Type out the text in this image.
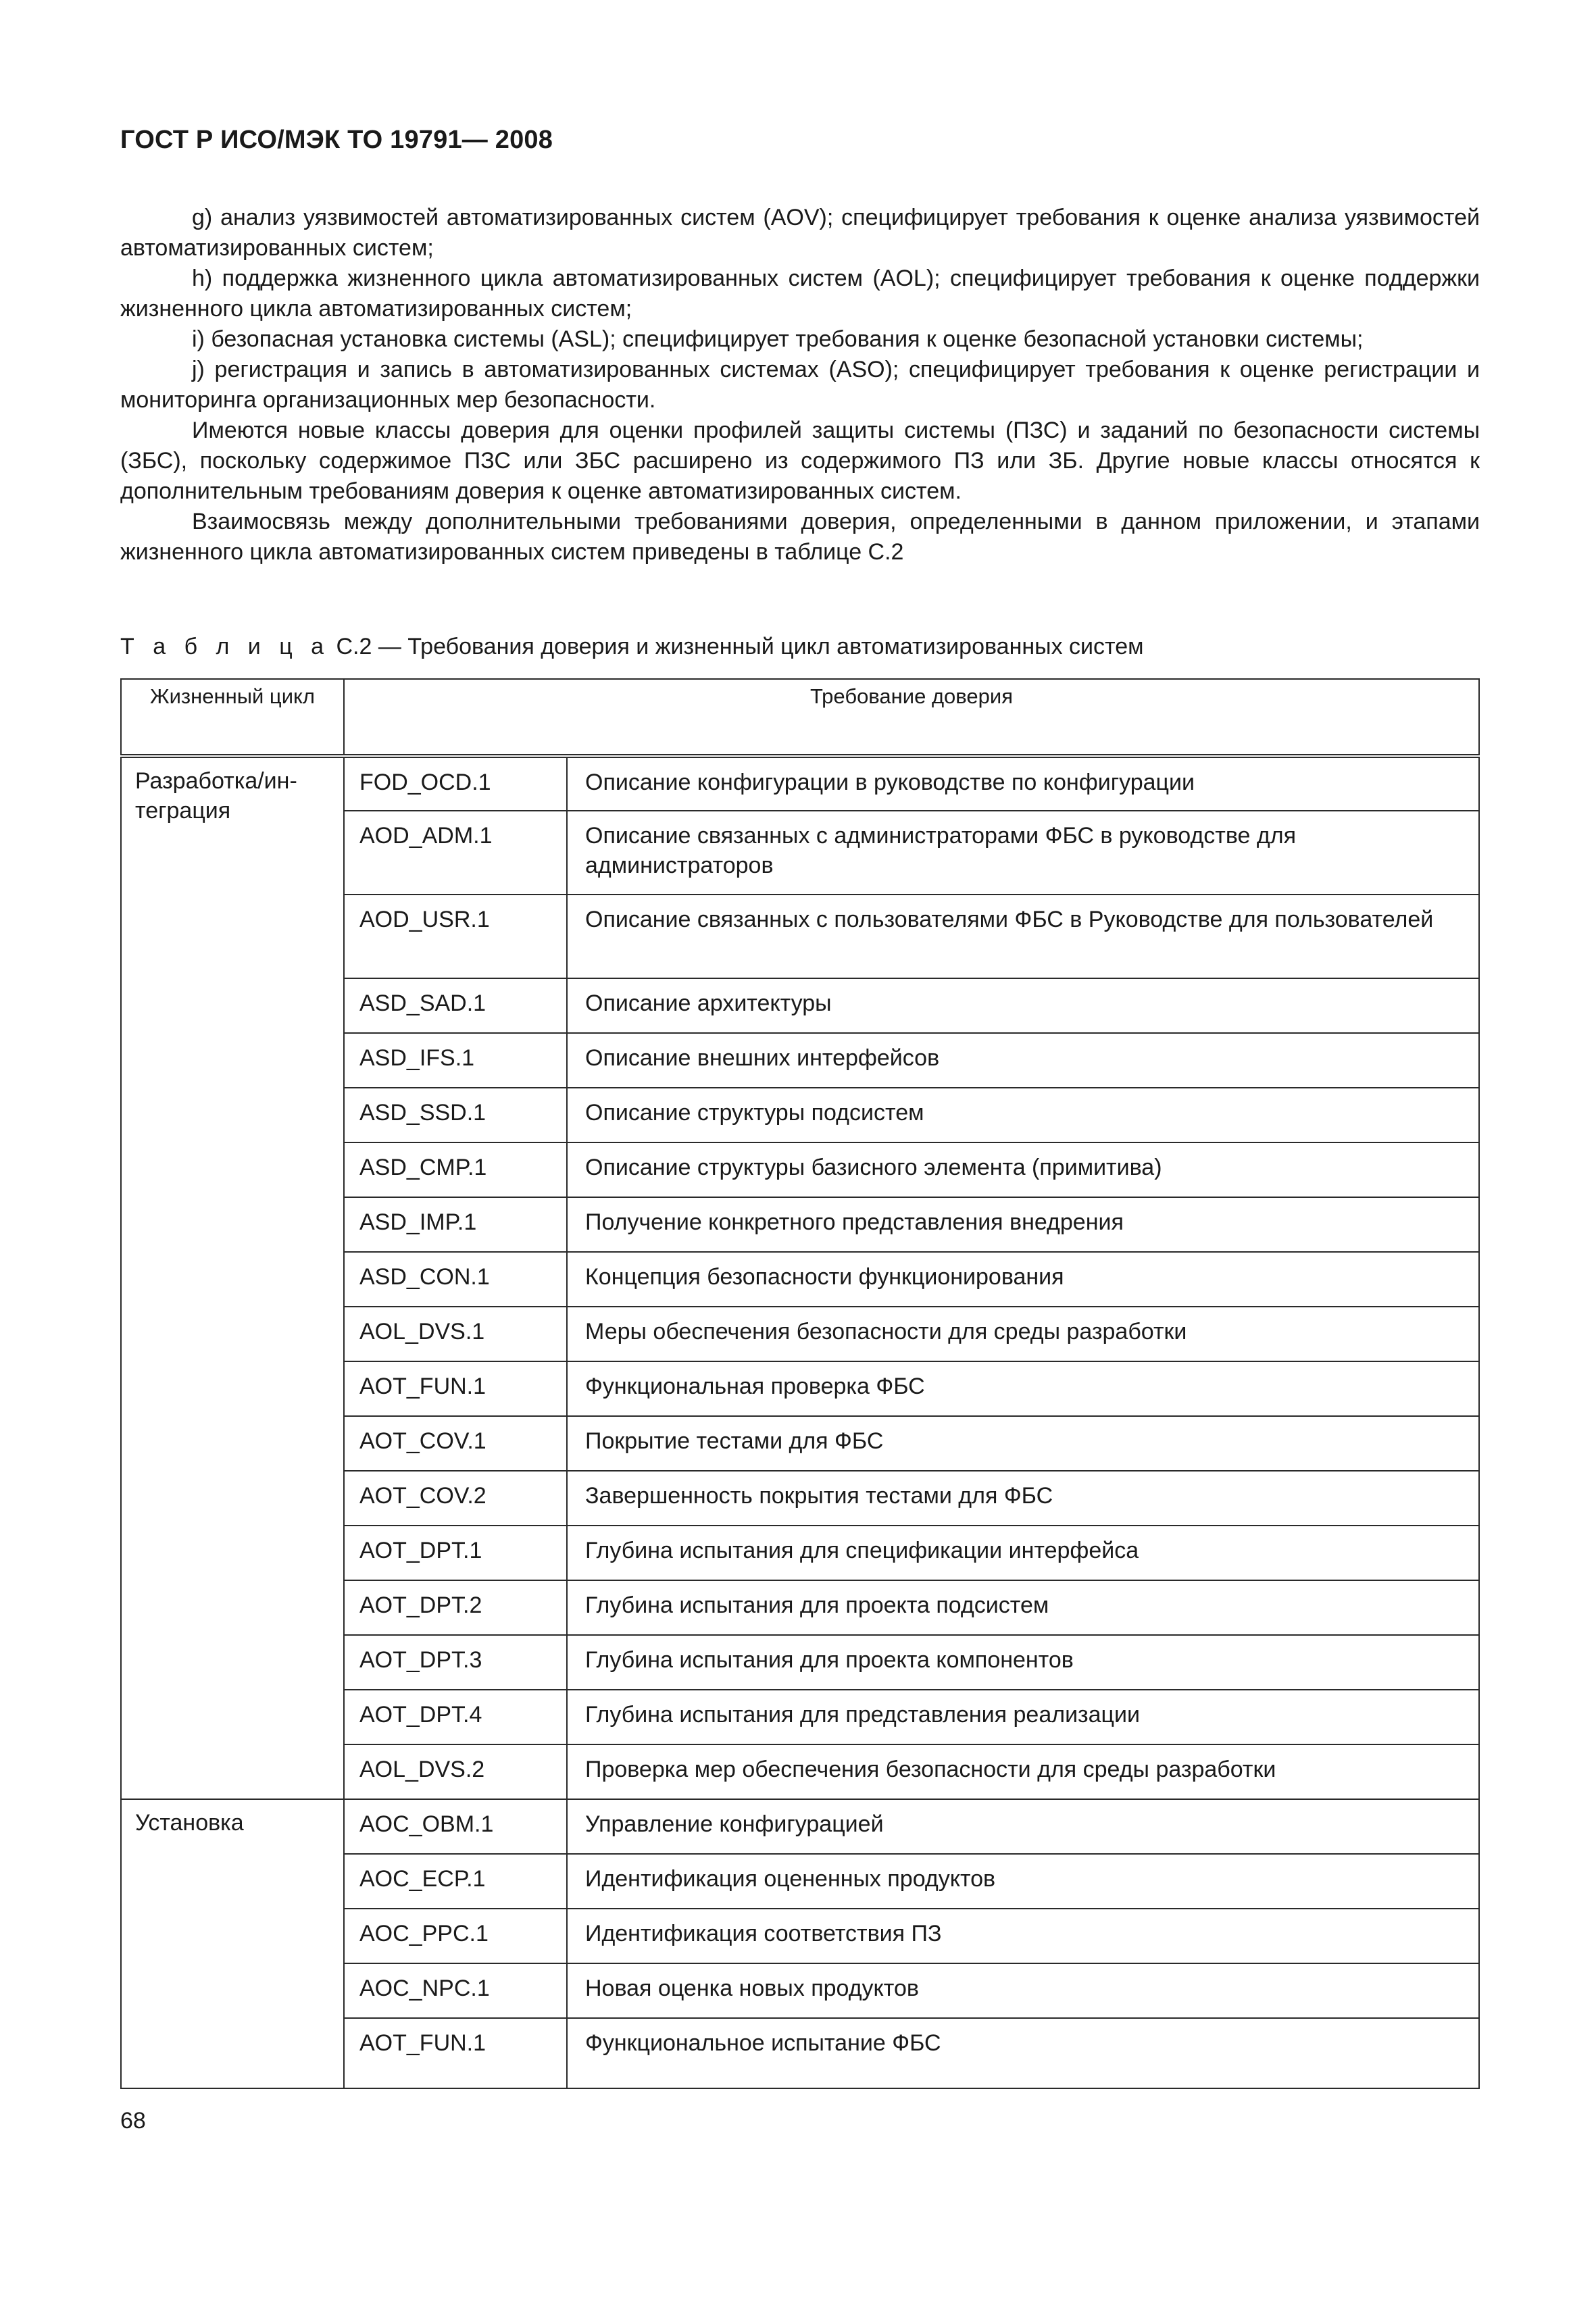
ГОСТ Р ИСО/МЭК ТО 19791— 2008

g) анализ уязвимостей автоматизированных систем (AOV); специфицирует требования к оценке анализа уязвимостей автоматизированных систем;

h) поддержка жизненного цикла автоматизированных систем (AOL); специфицирует требования к оценке поддержки жизненного цикла автоматизированных систем;

i) безопасная установка системы (ASL); специфицирует требования к оценке безопасной установки системы;

j) регистрация и запись в автоматизированных системах (ASO); специфицирует требования к оценке регистрации и мониторинга организационных мер безопасности.

Имеются новые классы доверия для оценки профилей защиты системы (ПЗС) и заданий по безопасности системы (ЗБС), поскольку содержимое ПЗС или ЗБС расширено из содержимого ПЗ или ЗБ. Другие новые классы относятся к дополнительным требованиям доверия к оценке автоматизированных систем.

Взаимосвязь между дополнительными требованиями доверия, определенными в данном приложении, и этапами жизненного цикла автоматизированных систем приведены в таблице С.2

Т а б л и ц а С.2 — Требования доверия и жизненный цикл автоматизированных систем
Жизненный цикл	Требование доверия	
Разработка/ин-тегрaция	FOD_OCD.1	Описание конфигурации в руководстве по конфигурации
	AOD_ADM.1	Описание связанных с администраторами ФБС в руководстве для администраторов
	AOD_USR.1	Описание связанных с пользователями ФБС в Руководстве для пользователей
	ASD_SAD.1	Описание архитектуры
	ASD_IFS.1	Описание внешних интерфейсов
	ASD_SSD.1	Описание структуры подсистем
	ASD_CMP.1	Описание структуры базисного элемента (примитива)
	ASD_IMP.1	Получение конкретного представления внедрения
	ASD_CON.1	Концепция безопасности функционирования
	AOL_DVS.1	Меры обеспечения безопасности для среды разработки
	AOT_FUN.1	Функциональная проверка ФБС
	AOT_COV.1	Покрытие тестами для ФБС
	AOT_COV.2	Завершенность покрытия тестами для ФБС
	AOT_DPT.1	Глубина испытания для спецификации интерфейса
	AOT_DPT.2	Глубина испытания для проекта подсистем
	AOT_DPT.3	Глубина испытания для проекта компонентов
	AOT_DPT.4	Глубина испытания для представления реализации
	AOL_DVS.2	Проверка мер обеспечения безопасности для среды разработки
Установка	AOC_OBM.1	Управление конфигурацией
	AOC_ECP.1	Идентификация оцененных продуктов
	AOC_PPC.1	Идентификация соответствия ПЗ
	AOC_NPC.1	Новая оценка новых продуктов
	AOT_FUN.1	Функциональное испытание ФБС
68
